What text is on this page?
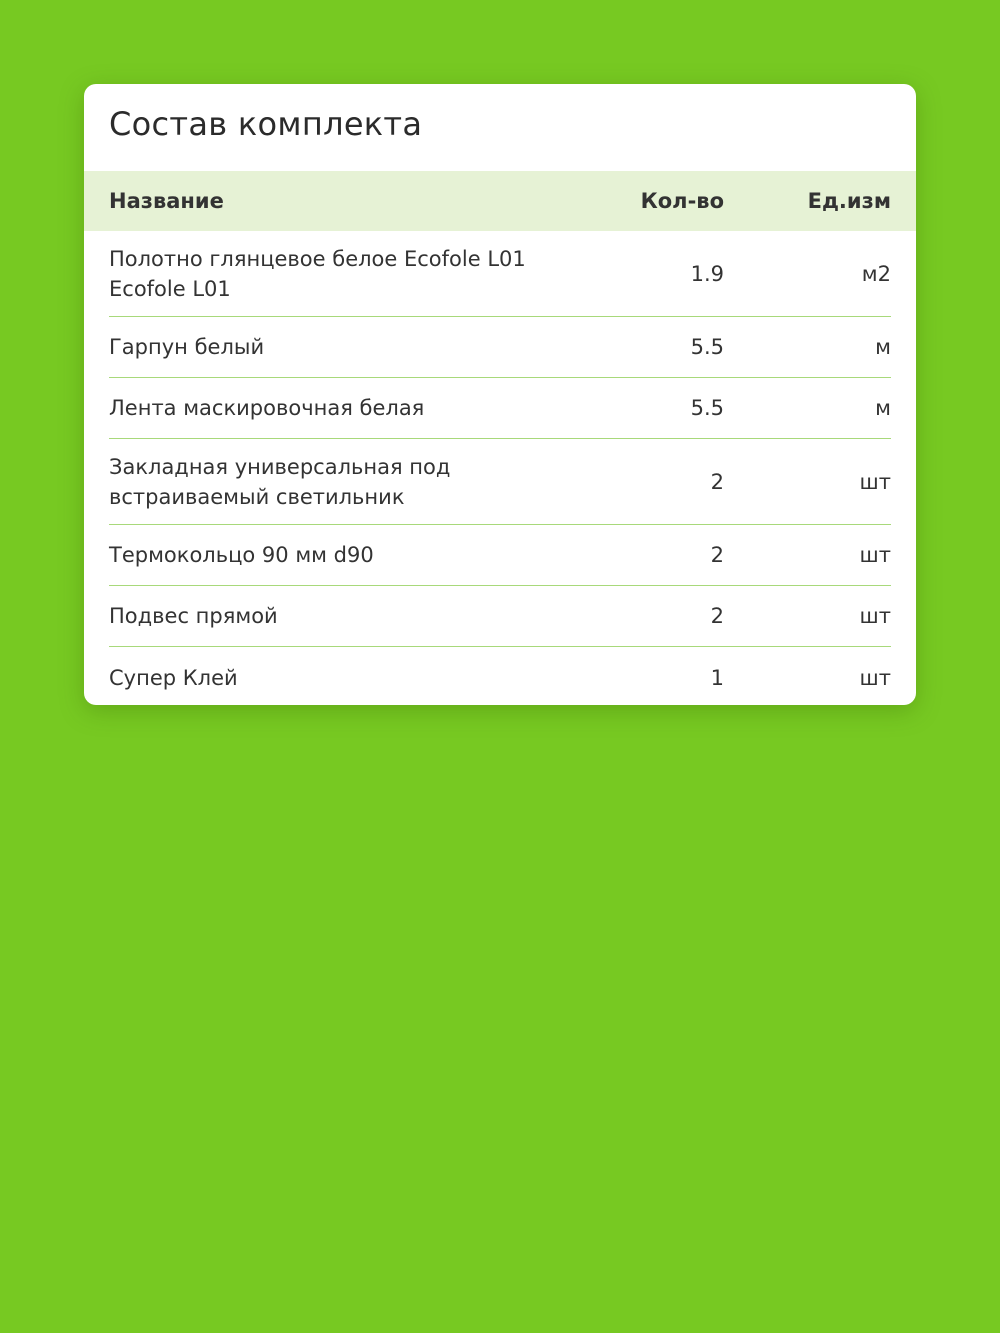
Состав комплекта
Название	Кол-во	Ед.изм
Полотно глянцевое белое Ecofole L01
Ecofole L01
1.9	м2
Гарпун белый	5.5	м
Лента маскировочная белая	5.5	м
Закладная универсальная под
встраиваемый светильник
2	шт
Термокольцо 90 мм d90	2	шт
Подвес прямой	2	шт
Супер Клей	1	шт
